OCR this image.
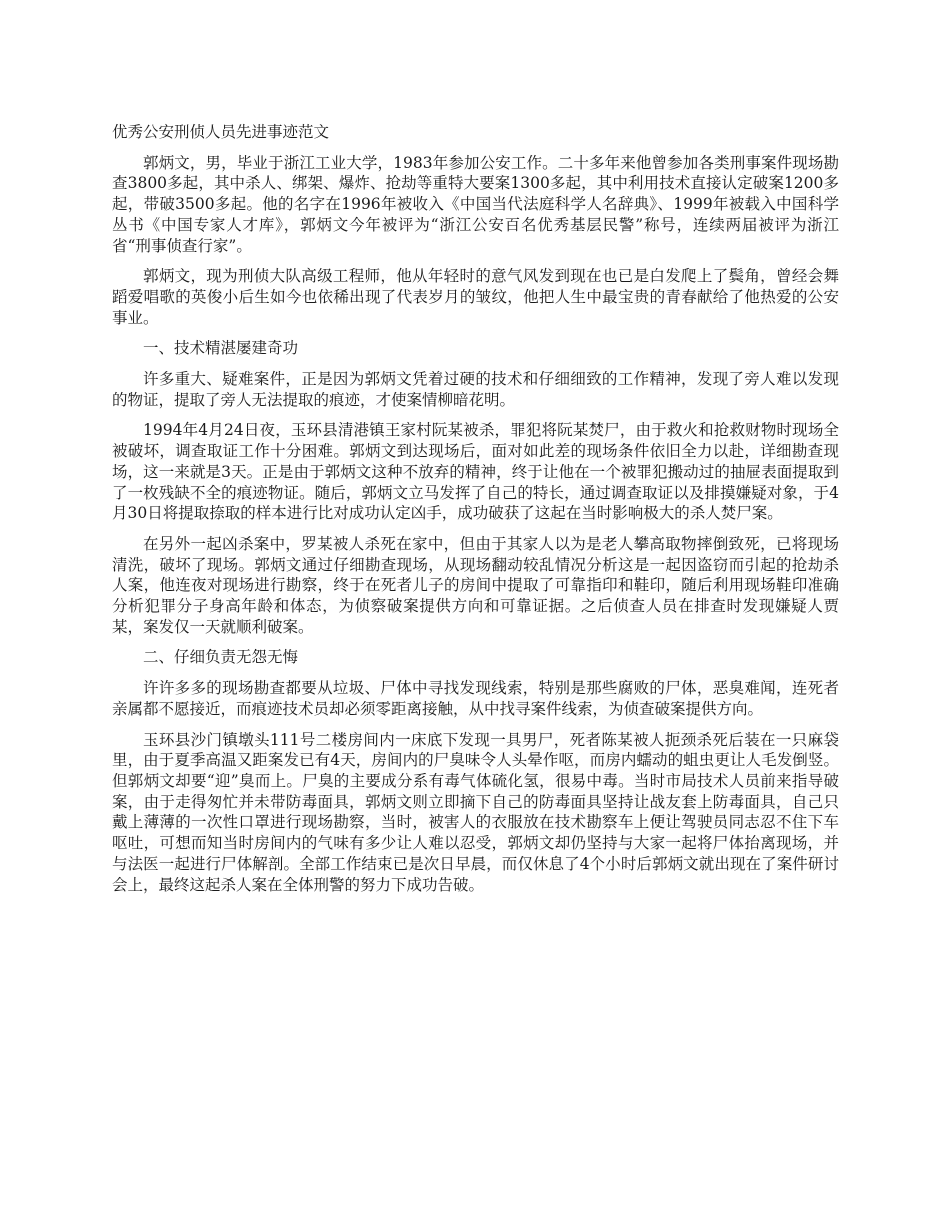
优秀公安刑侦人员先进事迹范文

郭炳文，男，毕业于浙江工业大学，1983年参加公安工作。二十多年来他曾参加各类刑事案件现场勘查3800多起，其中杀人、绑架、爆炸、抢劫等重特大要案1300多起，其中利用技术直接认定破案1200多起，带破3500多起。他的名字在1996年被收入《中国当代法庭科学人名辞典》、1999年被载入中国科学丛书《中国专家人才库》，郭炳文今年被评为“浙江公安百名优秀基层民警”称号，连续两届被评为浙江省“刑事侦查行家”。

郭炳文，现为刑侦大队高级工程师，他从年轻时的意气风发到现在也已是白发爬上了鬓角，曾经会舞蹈爱唱歌的英俊小后生如今也依稀出现了代表岁月的皱纹，他把人生中最宝贵的青春献给了他热爱的公安事业。

一、技术精湛屡建奇功

许多重大、疑难案件，正是因为郭炳文凭着过硬的技术和仔细细致的工作精神，发现了旁人难以发现的物证，提取了旁人无法提取的痕迹，才使案情柳暗花明。

1994年4月24日夜，玉环县清港镇王家村阮某被杀，罪犯将阮某焚尸，由于救火和抢救财物时现场全被破坏，调查取证工作十分困难。郭炳文到达现场后，面对如此差的现场条件依旧全力以赴，详细勘查现场，这一来就是3天。正是由于郭炳文这种不放弃的精神，终于让他在一个被罪犯搬动过的抽屉表面提取到了一枚残缺不全的痕迹物证。随后，郭炳文立马发挥了自己的特长，通过调查取证以及排摸嫌疑对象，于4月30日将提取捺取的样本进行比对成功认定凶手，成功破获了这起在当时影响极大的杀人焚尸案。

在另外一起凶杀案中，罗某被人杀死在家中，但由于其家人以为是老人攀高取物摔倒致死，已将现场清洗，破坏了现场。郭炳文通过仔细勘查现场，从现场翻动较乱情况分析这是一起因盗窃而引起的抢劫杀人案，他连夜对现场进行勘察，终于在死者儿子的房间中提取了可靠指印和鞋印，随后利用现场鞋印准确分析犯罪分子身高年龄和体态，为侦察破案提供方向和可靠证据。之后侦查人员在排查时发现嫌疑人贾某，案发仅一天就顺利破案。

二、仔细负责无怨无悔

许许多多的现场勘查都要从垃圾、尸体中寻找发现线索，特别是那些腐败的尸体，恶臭难闻，连死者亲属都不愿接近，而痕迹技术员却必须零距离接触，从中找寻案件线索，为侦查破案提供方向。

玉环县沙门镇墩头111号二楼房间内一床底下发现一具男尸，死者陈某被人扼颈杀死后装在一只麻袋里，由于夏季高温又距案发已有4天，房间内的尸臭味令人头晕作呕，而房内蠕动的蛆虫更让人毛发倒竖。但郭炳文却要“迎”臭而上。尸臭的主要成分系有毒气体硫化氢，很易中毒。当时市局技术人员前来指导破案，由于走得匆忙并未带防毒面具，郭炳文则立即摘下自己的防毒面具坚持让战友套上防毒面具，自己只戴上薄薄的一次性口罩进行现场勘察，当时，被害人的衣服放在技术勘察车上便让驾驶员同志忍不住下车呕吐，可想而知当时房间内的气味有多少让人难以忍受，郭炳文却仍坚持与大家一起将尸体抬离现场，并与法医一起进行尸体解剖。全部工作结束已是次日早晨，而仅休息了4个小时后郭炳文就出现在了案件研讨会上，最终这起杀人案在全体刑警的努力下成功告破。
